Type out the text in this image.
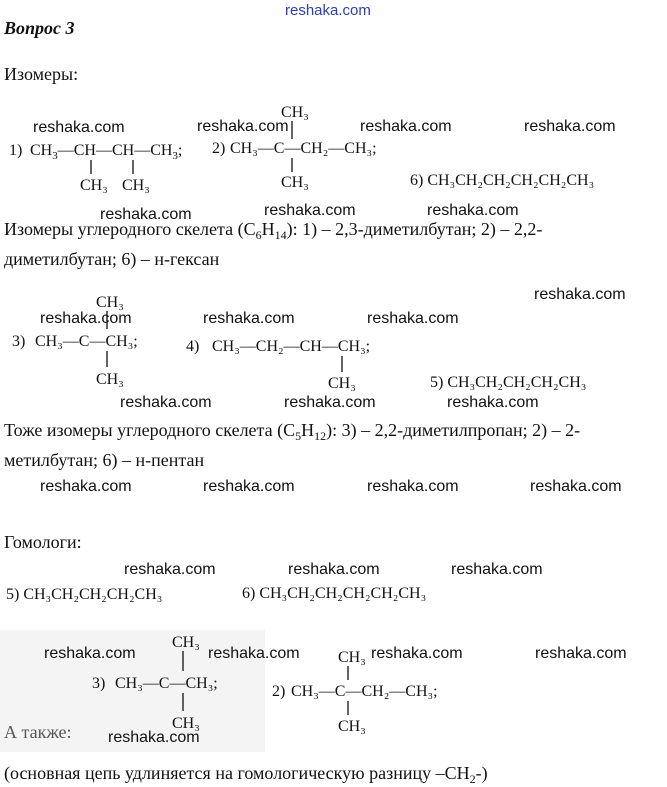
reshaka.com
Вопрос 3
Изомеры:
1) $CH_3—CH—CH—CH_3$;
CH₃ CH₃
2) CH₃—C—CH₂—CH₃;
CH₃
CH₃	6) CH₃CH₂CH₂CH₂CH₂CH₃
Изомеры углеродного скелета $(C_6H_{14})$: 1) – 2,3-диметилбутан; 2) – 2,2-
диметилбутан; 6) – н-гексан
CH₃
3) CH₃—C—CH₃;
CH₃
4) CH₃—CH₂—CH—CH₃;
CH₃	5) CH₃CH₂CH₂CH₂CH₃
Тоже изомеры углеродного скелета $(C_5H_{12})$: 3) – 2,2-диметилпропан; 2) – 2-
метилбутан; 6) – н-пентан
Гомологи:
5) CH₃CH₂CH₂CH₂CH₃	6) CH₃CH₂CH₂CH₂CH₂CH₃
CH₃
3) CH₃—C—CH₃;
CH₃
CH₃
2) CH₃—C—CH₂—CH₃;
CH₃
А также:
(основная цепь удлиняется на гомологическую разницу $-CH_2-$)
reshaka.com	reshaka.com	reshaka.com	reshaka.com
reshaka.com	reshaka.com	reshaka.com
reshaka.com
reshaka.com	reshaka.com	reshaka.com
reshaka.com	reshaka.com	reshaka.com
reshaka.com	reshaka.com	reshaka.com	reshaka.com
reshaka.com	reshaka.com	reshaka.com
reshaka.com	reshaka.com	reshaka.com	reshaka.com
reshaka.com
